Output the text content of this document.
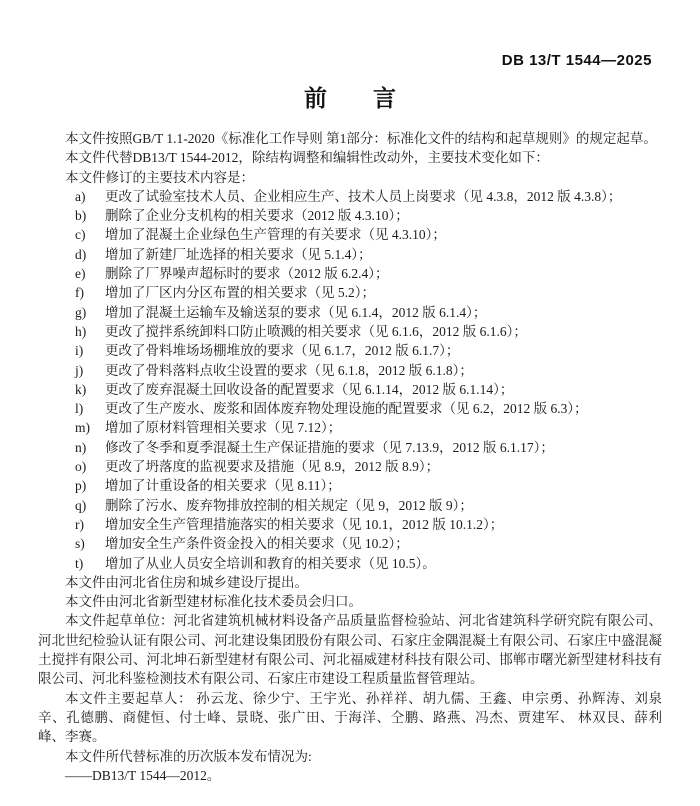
DB 13/T 1544—2025
前　　言

本文件按照GB/T 1.1-2020《标准化工作导则 第1部分：标准化文件的结构和起草规则》的规定起草。

本文件代替DB13/T 1544-2012，除结构调整和编辑性改动外，主要技术变化如下：

本文件修订的主要技术内容是：

a)	更改了试验室技术人员、企业相应生产、技术人员上岗要求（见 4.3.8，2012 版 4.3.8）；
b)	删除了企业分支机构的相关要求（2012 版 4.3.10）；
c)	增加了混凝土企业绿色生产管理的有关要求（见 4.3.10）；
d)	增加了新建厂址选择的相关要求（见 5.1.4）；
e)	删除了厂界噪声超标时的要求（2012 版 6.2.4）；
f)	增加了厂区内分区布置的相关要求（见 5.2）；
g)	增加了混凝土运输车及输送泵的要求（见 6.1.4，2012 版 6.1.4）；
h)	更改了搅拌系统卸料口防止喷溅的相关要求（见 6.1.6，2012 版 6.1.6）；
i)	更改了骨料堆场场棚堆放的要求（见 6.1.7，2012 版 6.1.7）；
j)	更改了骨料落料点收尘设置的要求（见 6.1.8，2012 版 6.1.8）；
k)	更改了废弃混凝土回收设备的配置要求（见 6.1.14，2012 版 6.1.14）；
l)	更改了生产废水、废浆和固体废弃物处理设施的配置要求（见 6.2，2012 版 6.3）；
m)	增加了原材料管理相关要求（见 7.12）；
n)	修改了冬季和夏季混凝土生产保证措施的要求（见 7.13.9，2012 版 6.1.17）；
o)	更改了坍落度的监视要求及措施（见 8.9，2012 版 8.9）；
p)	增加了计重设备的相关要求（见 8.11）；
q)	删除了污水、废弃物排放控制的相关规定（见 9，2012 版 9）；
r)	增加安全生产管理措施落实的相关要求（见 10.1，2012 版 10.1.2）；
s)	增加安全生产条件资金投入的相关要求（见 10.2）；
t)	增加了从业人员安全培训和教育的相关要求（见 10.5）。

本文件由河北省住房和城乡建设厅提出。

本文件由河北省新型建材标准化技术委员会归口。

本文件起草单位：河北省建筑机械材料设备产品质量监督检验站、河北省建筑科学研究院有限公司、河北世纪检验认证有限公司、河北建设集团股份有限公司、石家庄金隅混凝土有限公司、石家庄中盛混凝土搅拌有限公司、河北坤石新型建材有限公司、河北福威建材科技有限公司、邯郸市曙光新型建材科技有限公司、河北科鉴检测技术有限公司、石家庄市建设工程质量监督管理站。

本文件主要起草人： 孙云龙、徐少宁、王宇光、孙祥祥、胡九儒、王鑫、申宗勇、孙辉涛、刘泉辛、孔德鹏、商健恒、付士峰、景晓、张广田、于海洋、仝鹏、路燕、冯杰、贾建军、 林双艮、薛利峰、李赛。

本文件所代替标准的历次版本发布情况为:

——DB13/T 1544—2012。
